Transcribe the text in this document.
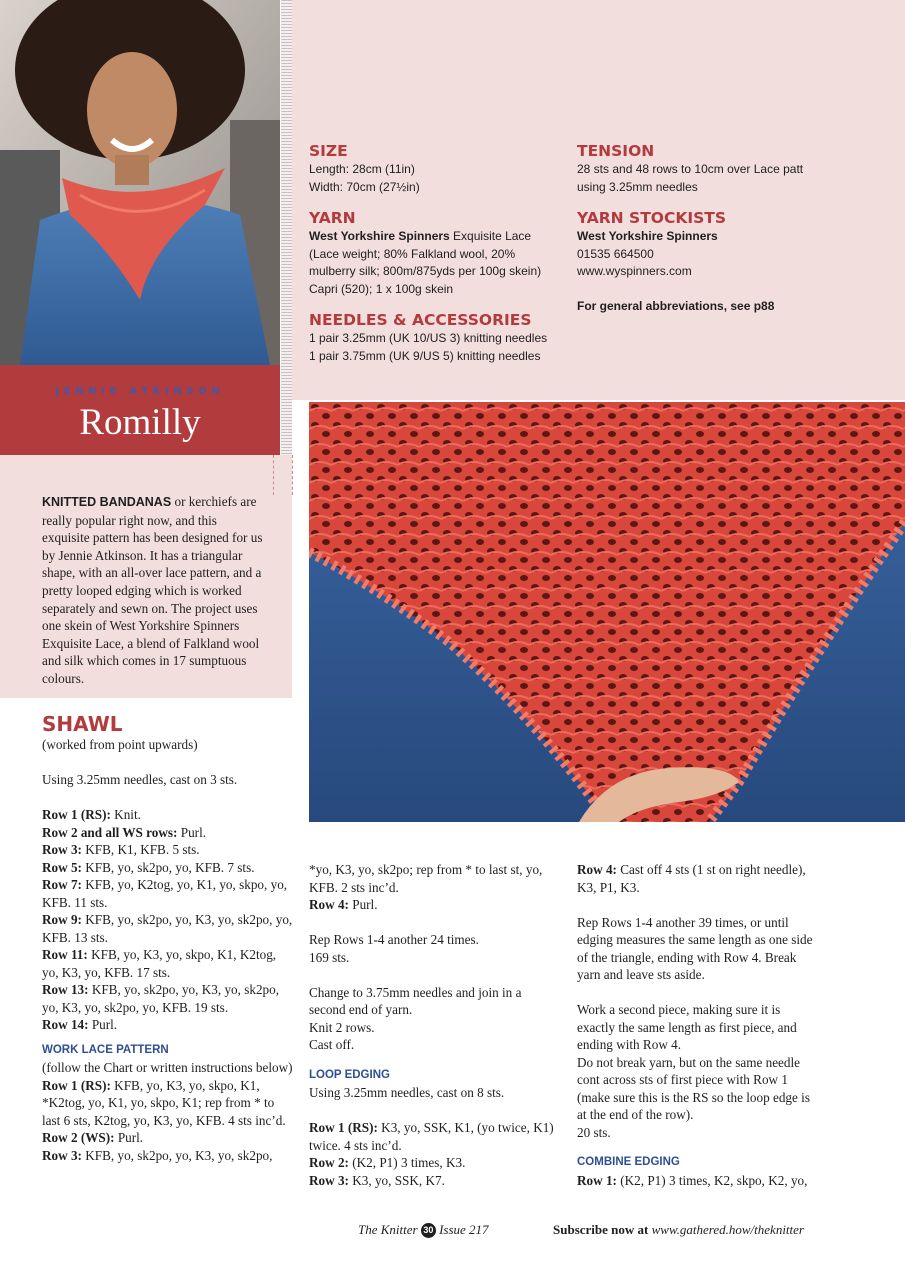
JENNIE ATKINSON
Romilly
SIZE
Length: 28cm (11in)
Width: 70cm (27½in)
YARN
West Yorkshire Spinners Exquisite Lace
(Lace weight; 80% Falkland wool, 20%
mulberry silk; 800m/875yds per 100g skein)
Capri (520); 1 x 100g skein
NEEDLES & ACCESSORIES
1 pair 3.25mm (UK 10/US 3) knitting needles
1 pair 3.75mm (UK 9/US 5) knitting needles
TENSION
28 sts and 48 rows to 10cm over Lace patt
using 3.25mm needles
YARN STOCKISTS
West Yorkshire Spinners
01535 664500
www.wyspinners.com
For general abbreviations, see p88
KNITTED BANDANAS or kerchiefs are really popular right now, and this exquisite pattern has been designed for us by Jennie Atkinson. It has a triangular shape, with an all-over lace pattern, and a pretty looped edging which is worked separately and sewn on. The project uses one skein of West Yorkshire Spinners Exquisite Lace, a blend of Falkland wool and silk which comes in 17 sumptuous colours.
SHAWL

(worked from point upwards)

Using 3.25mm needles, cast on 3 sts.

Row 1 (RS): Knit.

Row 2 and all WS rows: Purl.

Row 3: KFB, K1, KFB. 5 sts.

Row 5: KFB, yo, sk2po, yo, KFB. 7 sts.

Row 7: KFB, yo, K2tog, yo, K1, yo, skpo, yo, KFB. 11 sts.

Row 9: KFB, yo, sk2po, yo, K3, yo, sk2po, yo, KFB. 13 sts.

Row 11: KFB, yo, K3, yo, skpo, K1, K2tog, yo, K3, yo, KFB. 17 sts.

Row 13: KFB, yo, sk2po, yo, K3, yo, sk2po, yo, K3, yo, sk2po, yo, KFB. 19 sts.

Row 14: Purl.

WORK LACE PATTERN

(follow the Chart or written instructions below)

Row 1 (RS): KFB, yo, K3, yo, skpo, K1, *K2tog, yo, K1, yo, skpo, K1; rep from * to last 6 sts, K2tog, yo, K3, yo, KFB. 4 sts inc’d.

Row 2 (WS): Purl.

Row 3: KFB, yo, sk2po, yo, K3, yo, sk2po,

*yo, K3, yo, sk2po; rep from * to last st, yo, KFB. 2 sts inc’d.

Row 4: Purl.

Rep Rows 1-4 another 24 times.

169 sts.

Change to 3.75mm needles and join in a second end of yarn.

Knit 2 rows.

Cast off.

LOOP EDGING

Using 3.25mm needles, cast on 8 sts.

Row 1 (RS): K3, yo, SSK, K1, (yo twice, K1) twice. 4 sts inc’d.

Row 2: (K2, P1) 3 times, K3.

Row 3: K3, yo, SSK, K7.

Row 4: Cast off 4 sts (1 st on right needle), K3, P1, K3.

Rep Rows 1-4 another 39 times, or until edging measures the same length as one side of the triangle, ending with Row 4. Break yarn and leave sts aside.

Work a second piece, making sure it is exactly the same length as first piece, and ending with Row 4.

Do not break yarn, but on the same needle cont across sts of first piece with Row 1 (make sure this is the RS so the loop edge is at the end of the row).

20 sts.

COMBINE EDGING

Row 1: (K2, P1) 3 times, K2, skpo, K2, yo,

The Knitter 30 Issue 217	Subscribe now at www.gathered.how/theknitter
